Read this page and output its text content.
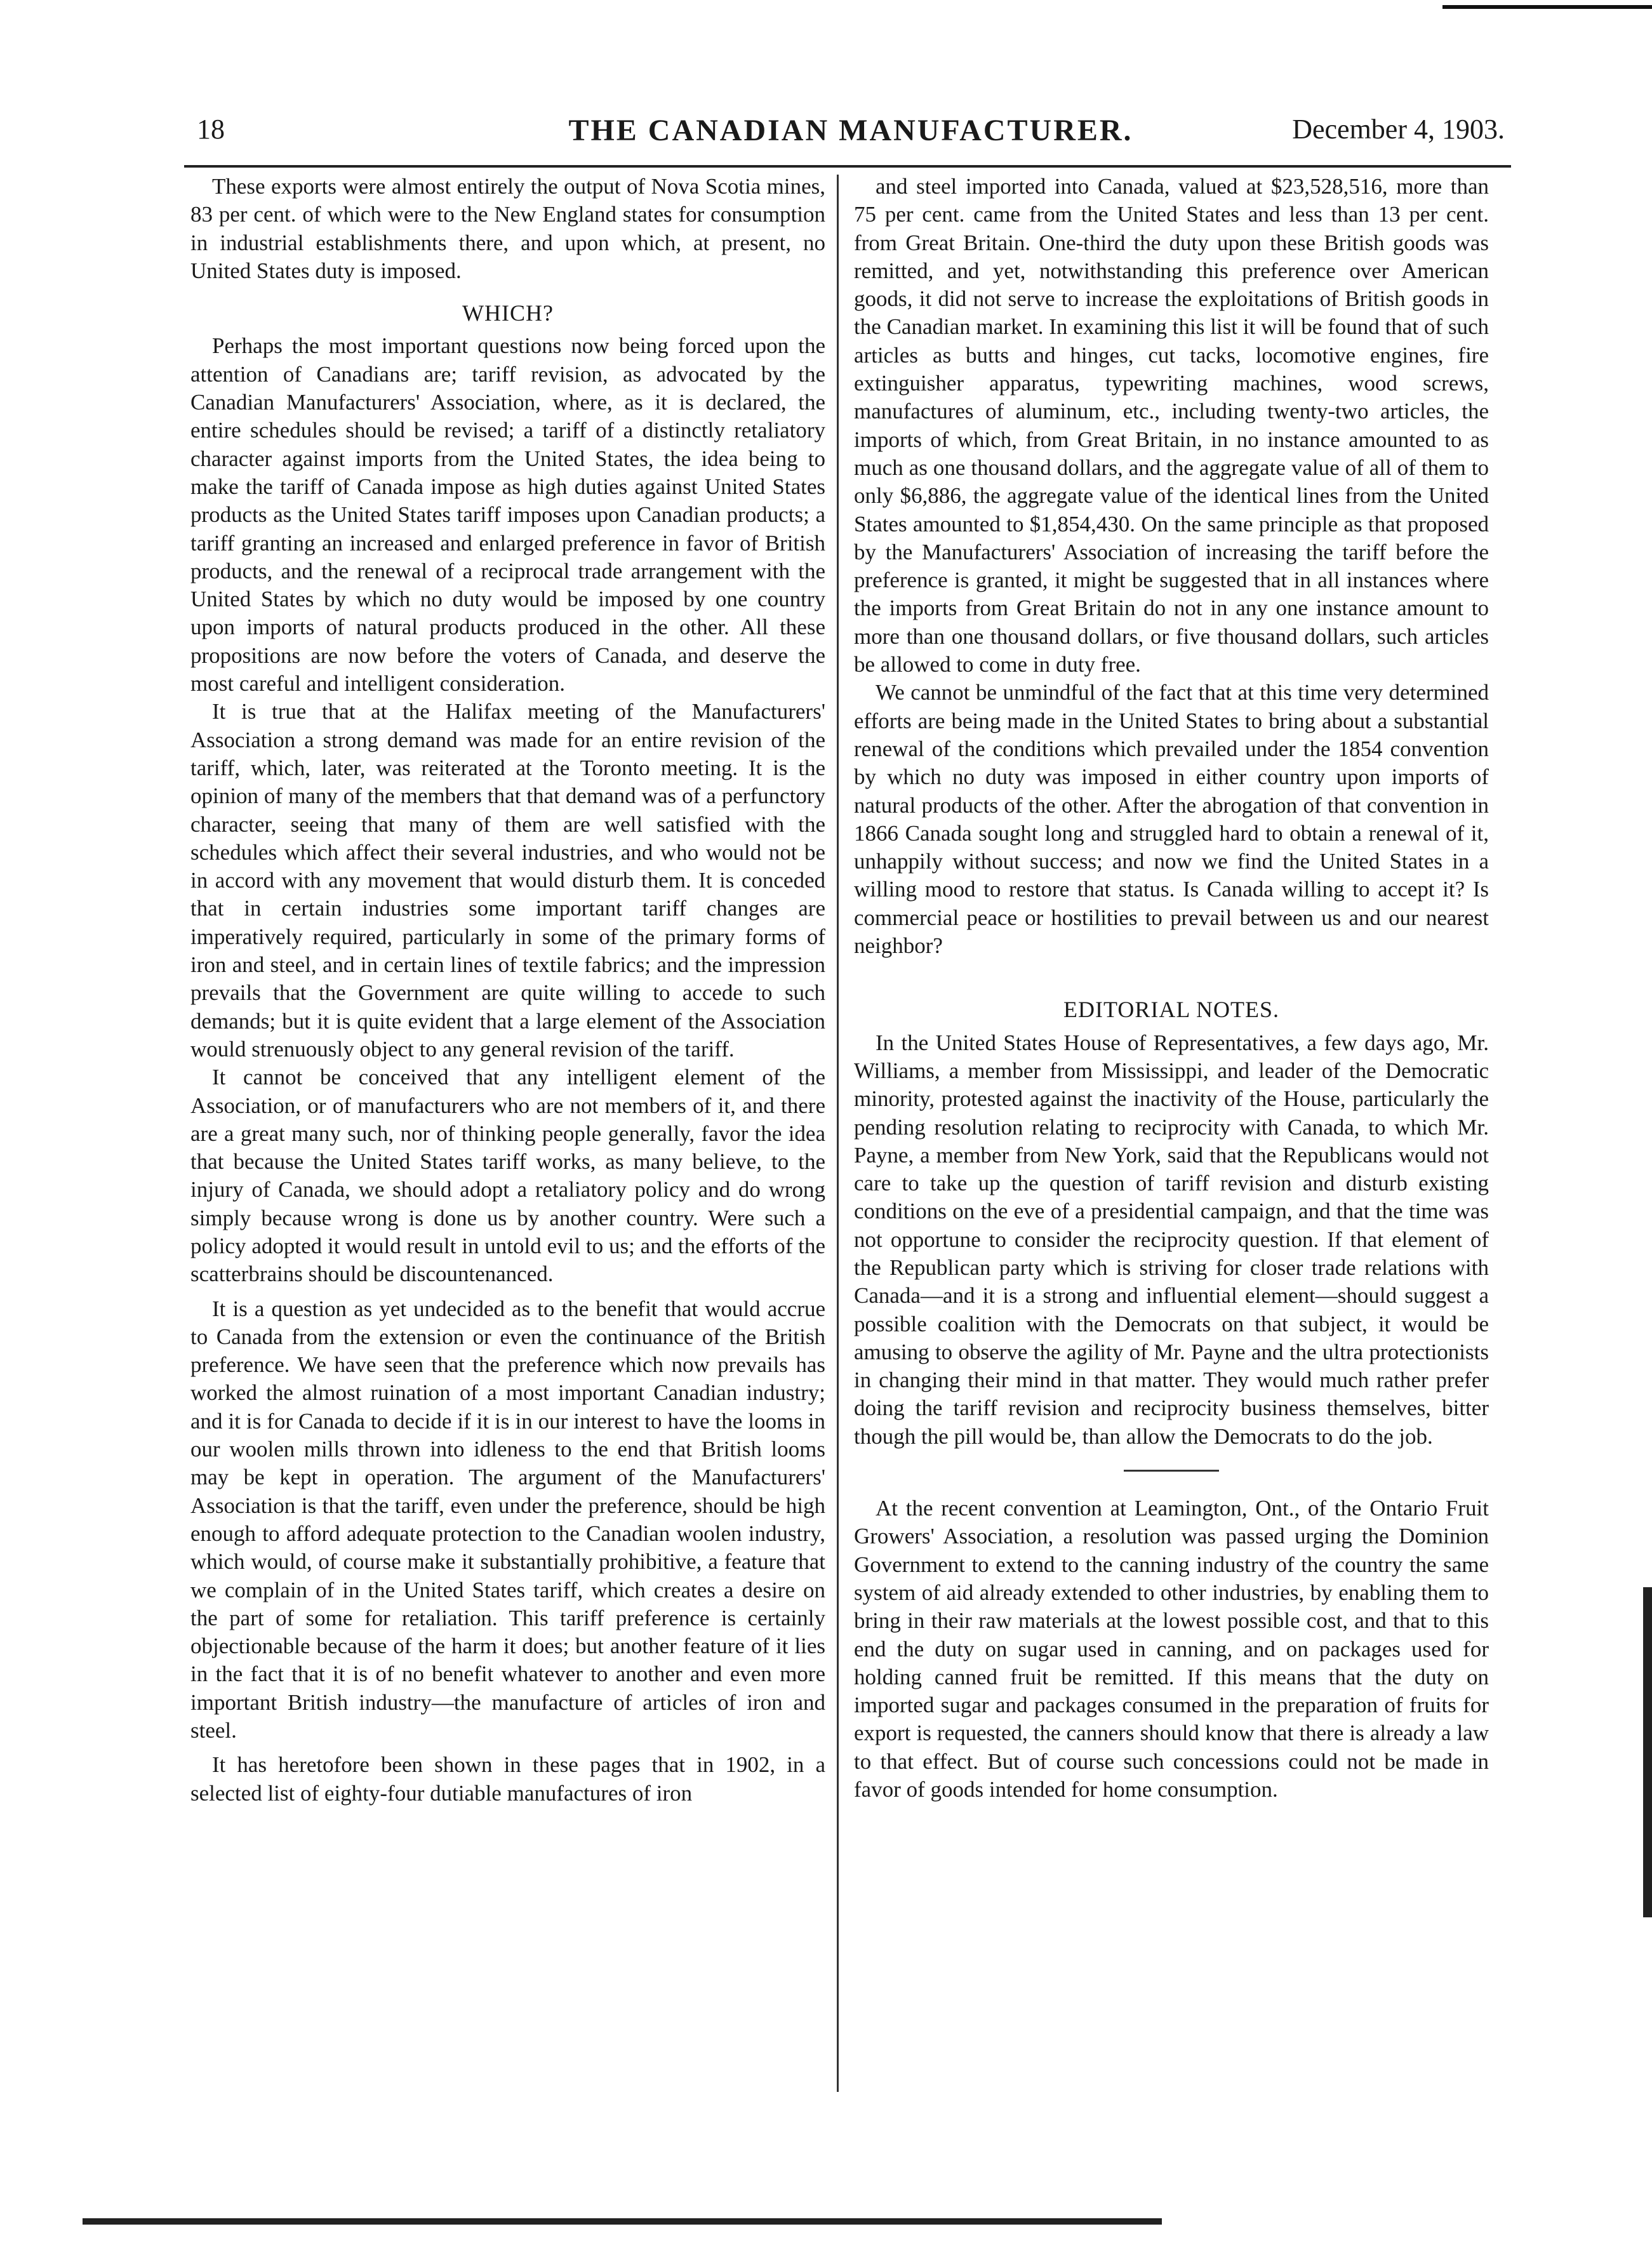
18	THE CANADIAN MANUFACTURER.	December 4, 1903.

These exports were almost entirely the output of Nova Scotia mines, 83 per cent. of which were to the New England states for consumption in industrial establishments there, and upon which, at present, no United States duty is imposed.

WHICH?

Perhaps the most important questions now being forced upon the attention of Canadians are; tariff revision, as advocated by the Canadian Manufacturers' Association, where, as it is declared, the entire schedules should be revised; a tariff of a distinctly retaliatory character against imports from the United States, the idea being to make the tariff of Canada impose as high duties against United States products as the United States tariff imposes upon Canadian products; a tariff granting an increased and enlarged preference in favor of British products, and the renewal of a reciprocal trade arrangement with the United States by which no duty would be imposed by one country upon imports of natural products produced in the other. All these propositions are now before the voters of Canada, and deserve the most careful and intelligent consideration.

It is true that at the Halifax meeting of the Manufacturers' Association a strong demand was made for an entire revision of the tariff, which, later, was reiterated at the Toronto meeting. It is the opinion of many of the members that that demand was of a perfunctory character, seeing that many of them are well satisfied with the schedules which affect their several industries, and who would not be in accord with any movement that would disturb them. It is conceded that in certain industries some important tariff changes are imperatively required, particularly in some of the primary forms of iron and steel, and in certain lines of textile fabrics; and the impression prevails that the Government are quite willing to accede to such demands; but it is quite evident that a large element of the Association would strenuously object to any general revision of the tariff.

It cannot be conceived that any intelligent element of the Association, or of manufacturers who are not members of it, and there are a great many such, nor of thinking people generally, favor the idea that because the United States tariff works, as many believe, to the injury of Canada, we should adopt a retaliatory policy and do wrong simply because wrong is done us by another country. Were such a policy adopted it would result in untold evil to us; and the efforts of the scatterbrains should be discountenanced.

It is a question as yet undecided as to the benefit that would accrue to Canada from the extension or even the continuance of the British preference. We have seen that the preference which now prevails has worked the almost ruination of a most important Canadian industry; and it is for Canada to decide if it is in our interest to have the looms in our woolen mills thrown into idleness to the end that British looms may be kept in operation. The argument of the Manufacturers' Association is that the tariff, even under the preference, should be high enough to afford adequate protection to the Canadian woolen industry, which would, of course make it substantially prohibitive, a feature that we complain of in the United States tariff, which creates a desire on the part of some for retaliation. This tariff preference is certainly objectionable because of the harm it does; but another feature of it lies in the fact that it is of no benefit whatever to another and even more important British industry—the manufacture of articles of iron and steel.

It has heretofore been shown in these pages that in 1902, in a selected list of eighty-four dutiable manufactures of iron

and steel imported into Canada, valued at $23,528,516, more than 75 per cent. came from the United States and less than 13 per cent. from Great Britain. One-third the duty upon these British goods was remitted, and yet, notwithstanding this preference over American goods, it did not serve to increase the exploitations of British goods in the Canadian market. In examining this list it will be found that of such articles as butts and hinges, cut tacks, locomotive engines, fire extinguisher apparatus, typewriting machines, wood screws, manufactures of aluminum, etc., including twenty-two articles, the imports of which, from Great Britain, in no instance amounted to as much as one thousand dollars, and the aggregate value of all of them to only $6,886, the aggregate value of the identical lines from the United States amounted to $1,854,430. On the same principle as that proposed by the Manufacturers' Association of increasing the tariff before the preference is granted, it might be suggested that in all instances where the imports from Great Britain do not in any one instance amount to more than one thousand dollars, or five thousand dollars, such articles be allowed to come in duty free.

We cannot be unmindful of the fact that at this time very determined efforts are being made in the United States to bring about a substantial renewal of the conditions which prevailed under the 1854 convention by which no duty was imposed in either country upon imports of natural products of the other. After the abrogation of that convention in 1866 Canada sought long and struggled hard to obtain a renewal of it, unhappily without success; and now we find the United States in a willing mood to restore that status. Is Canada willing to accept it? Is commercial peace or hostilities to prevail between us and our nearest neighbor?

EDITORIAL NOTES.

In the United States House of Representatives, a few days ago, Mr. Williams, a member from Mississippi, and leader of the Democratic minority, protested against the inactivity of the House, particularly the pending resolution relating to reciprocity with Canada, to which Mr. Payne, a member from New York, said that the Republicans would not care to take up the question of tariff revision and disturb existing conditions on the eve of a presidential campaign, and that the time was not opportune to consider the reciprocity question. If that element of the Republican party which is striving for closer trade relations with Canada—and it is a strong and influential element—should suggest a possible coalition with the Democrats on that subject, it would be amusing to observe the agility of Mr. Payne and the ultra protectionists in changing their mind in that matter. They would much rather prefer doing the tariff revision and reciprocity business themselves, bitter though the pill would be, than allow the Democrats to do the job.

At the recent convention at Leamington, Ont., of the Ontario Fruit Growers' Association, a resolution was passed urging the Dominion Government to extend to the canning industry of the country the same system of aid already extended to other industries, by enabling them to bring in their raw materials at the lowest possible cost, and that to this end the duty on sugar used in canning, and on packages used for holding canned fruit be remitted. If this means that the duty on imported sugar and packages consumed in the preparation of fruits for export is requested, the canners should know that there is already a law to that effect. But of course such concessions could not be made in favor of goods intended for home consumption.
